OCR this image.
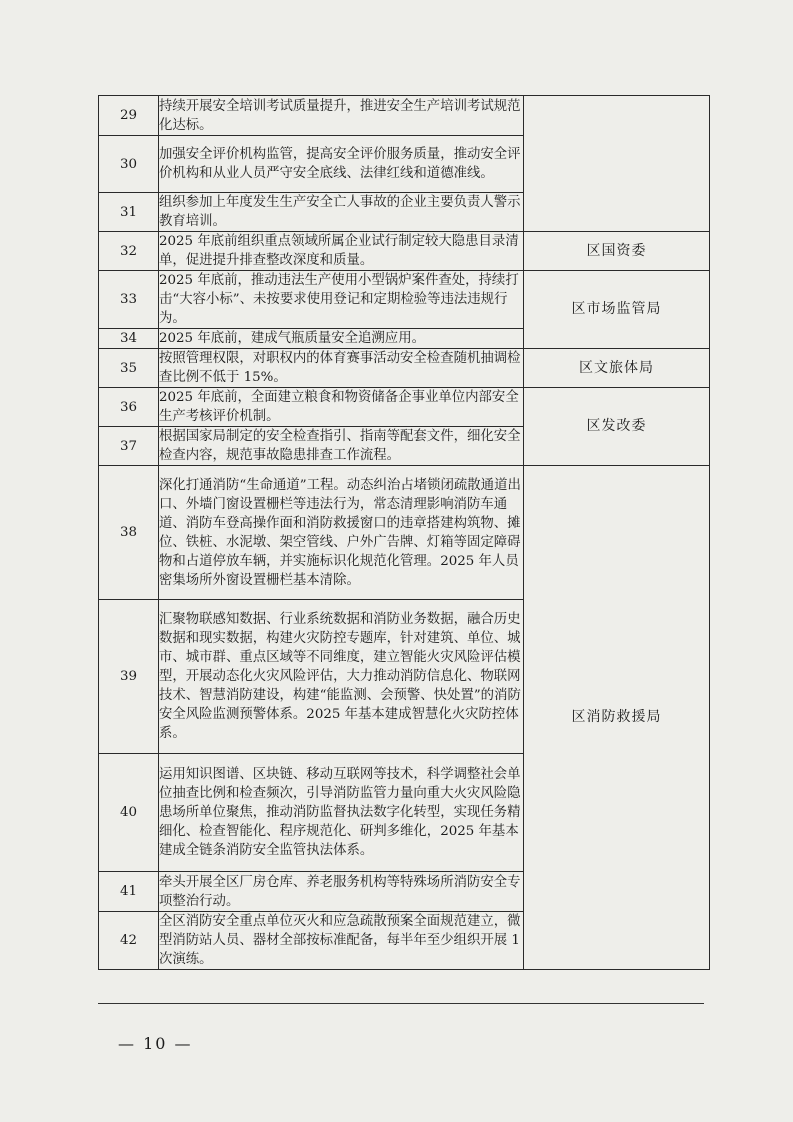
29	持续开展安全培训考试质量提升，推进安全生产培训考试规范化达标。	
30	加强安全评价机构监管，提高安全评价服务质量，推动安全评价机构和从业人员严守安全底线、法律红线和道德准线。	
31	组织参加上年度发生生产安全亡人事故的企业主要负责人警示教育培训。	
32	2025 年底前组织重点领域所属企业试行制定较大隐患目录清单，促进提升排查整改深度和质量。	区国资委
33	2025 年底前，推动违法生产使用小型锅炉案件查处，持续打击“大容小标”、未按要求使用登记和定期检验等违法违规行为。	区市场监管局
34	2025 年底前，建成气瓶质量安全追溯应用。	
35	按照管理权限，对职权内的体育赛事活动安全检查随机抽调检查比例不低于 15%。	区文旅体局
36	2025 年底前，全面建立粮食和物资储备企事业单位内部安全生产考核评价机制。	区发改委
37	根据国家局制定的安全检查指引、指南等配套文件，细化安全检查内容，规范事故隐患排查工作流程。	
38	深化打通消防“生命通道”工程。动态纠治占堵锁闭疏散通道出口、外墙门窗设置栅栏等违法行为，常态清理影响消防车通道、消防车登高操作面和消防救援窗口的违章搭建构筑物、摊位、铁桩、水泥墩、架空管线、户外广告牌、灯箱等固定障碍物和占道停放车辆，并实施标识化规范化管理。2025 年人员密集场所外窗设置栅栏基本清除。	区消防救援局
39	汇聚物联感知数据、行业系统数据和消防业务数据，融合历史数据和现实数据，构建火灾防控专题库，针对建筑、单位、城市、城市群、重点区域等不同维度，建立智能火灾风险评估模型，开展动态化火灾风险评估，大力推动消防信息化、物联网技术、智慧消防建设，构建“能监测、会预警、快处置”的消防安全风险监测预警体系。2025 年基本建成智慧化火灾防控体系。	
40	运用知识图谱、区块链、移动互联网等技术，科学调整社会单位抽查比例和检查频次，引导消防监管力量向重大火灾风险隐患场所单位聚焦，推动消防监督执法数字化转型，实现任务精细化、检查智能化、程序规范化、研判多维化，2025 年基本建成全链条消防安全监管执法体系。	
41	牵头开展全区厂房仓库、养老服务机构等特殊场所消防安全专项整治行动。	
42	全区消防安全重点单位灭火和应急疏散预案全面规范建立，微型消防站人员、器材全部按标准配备，每半年至少组织开展 1 次演练。	
— 10 —
